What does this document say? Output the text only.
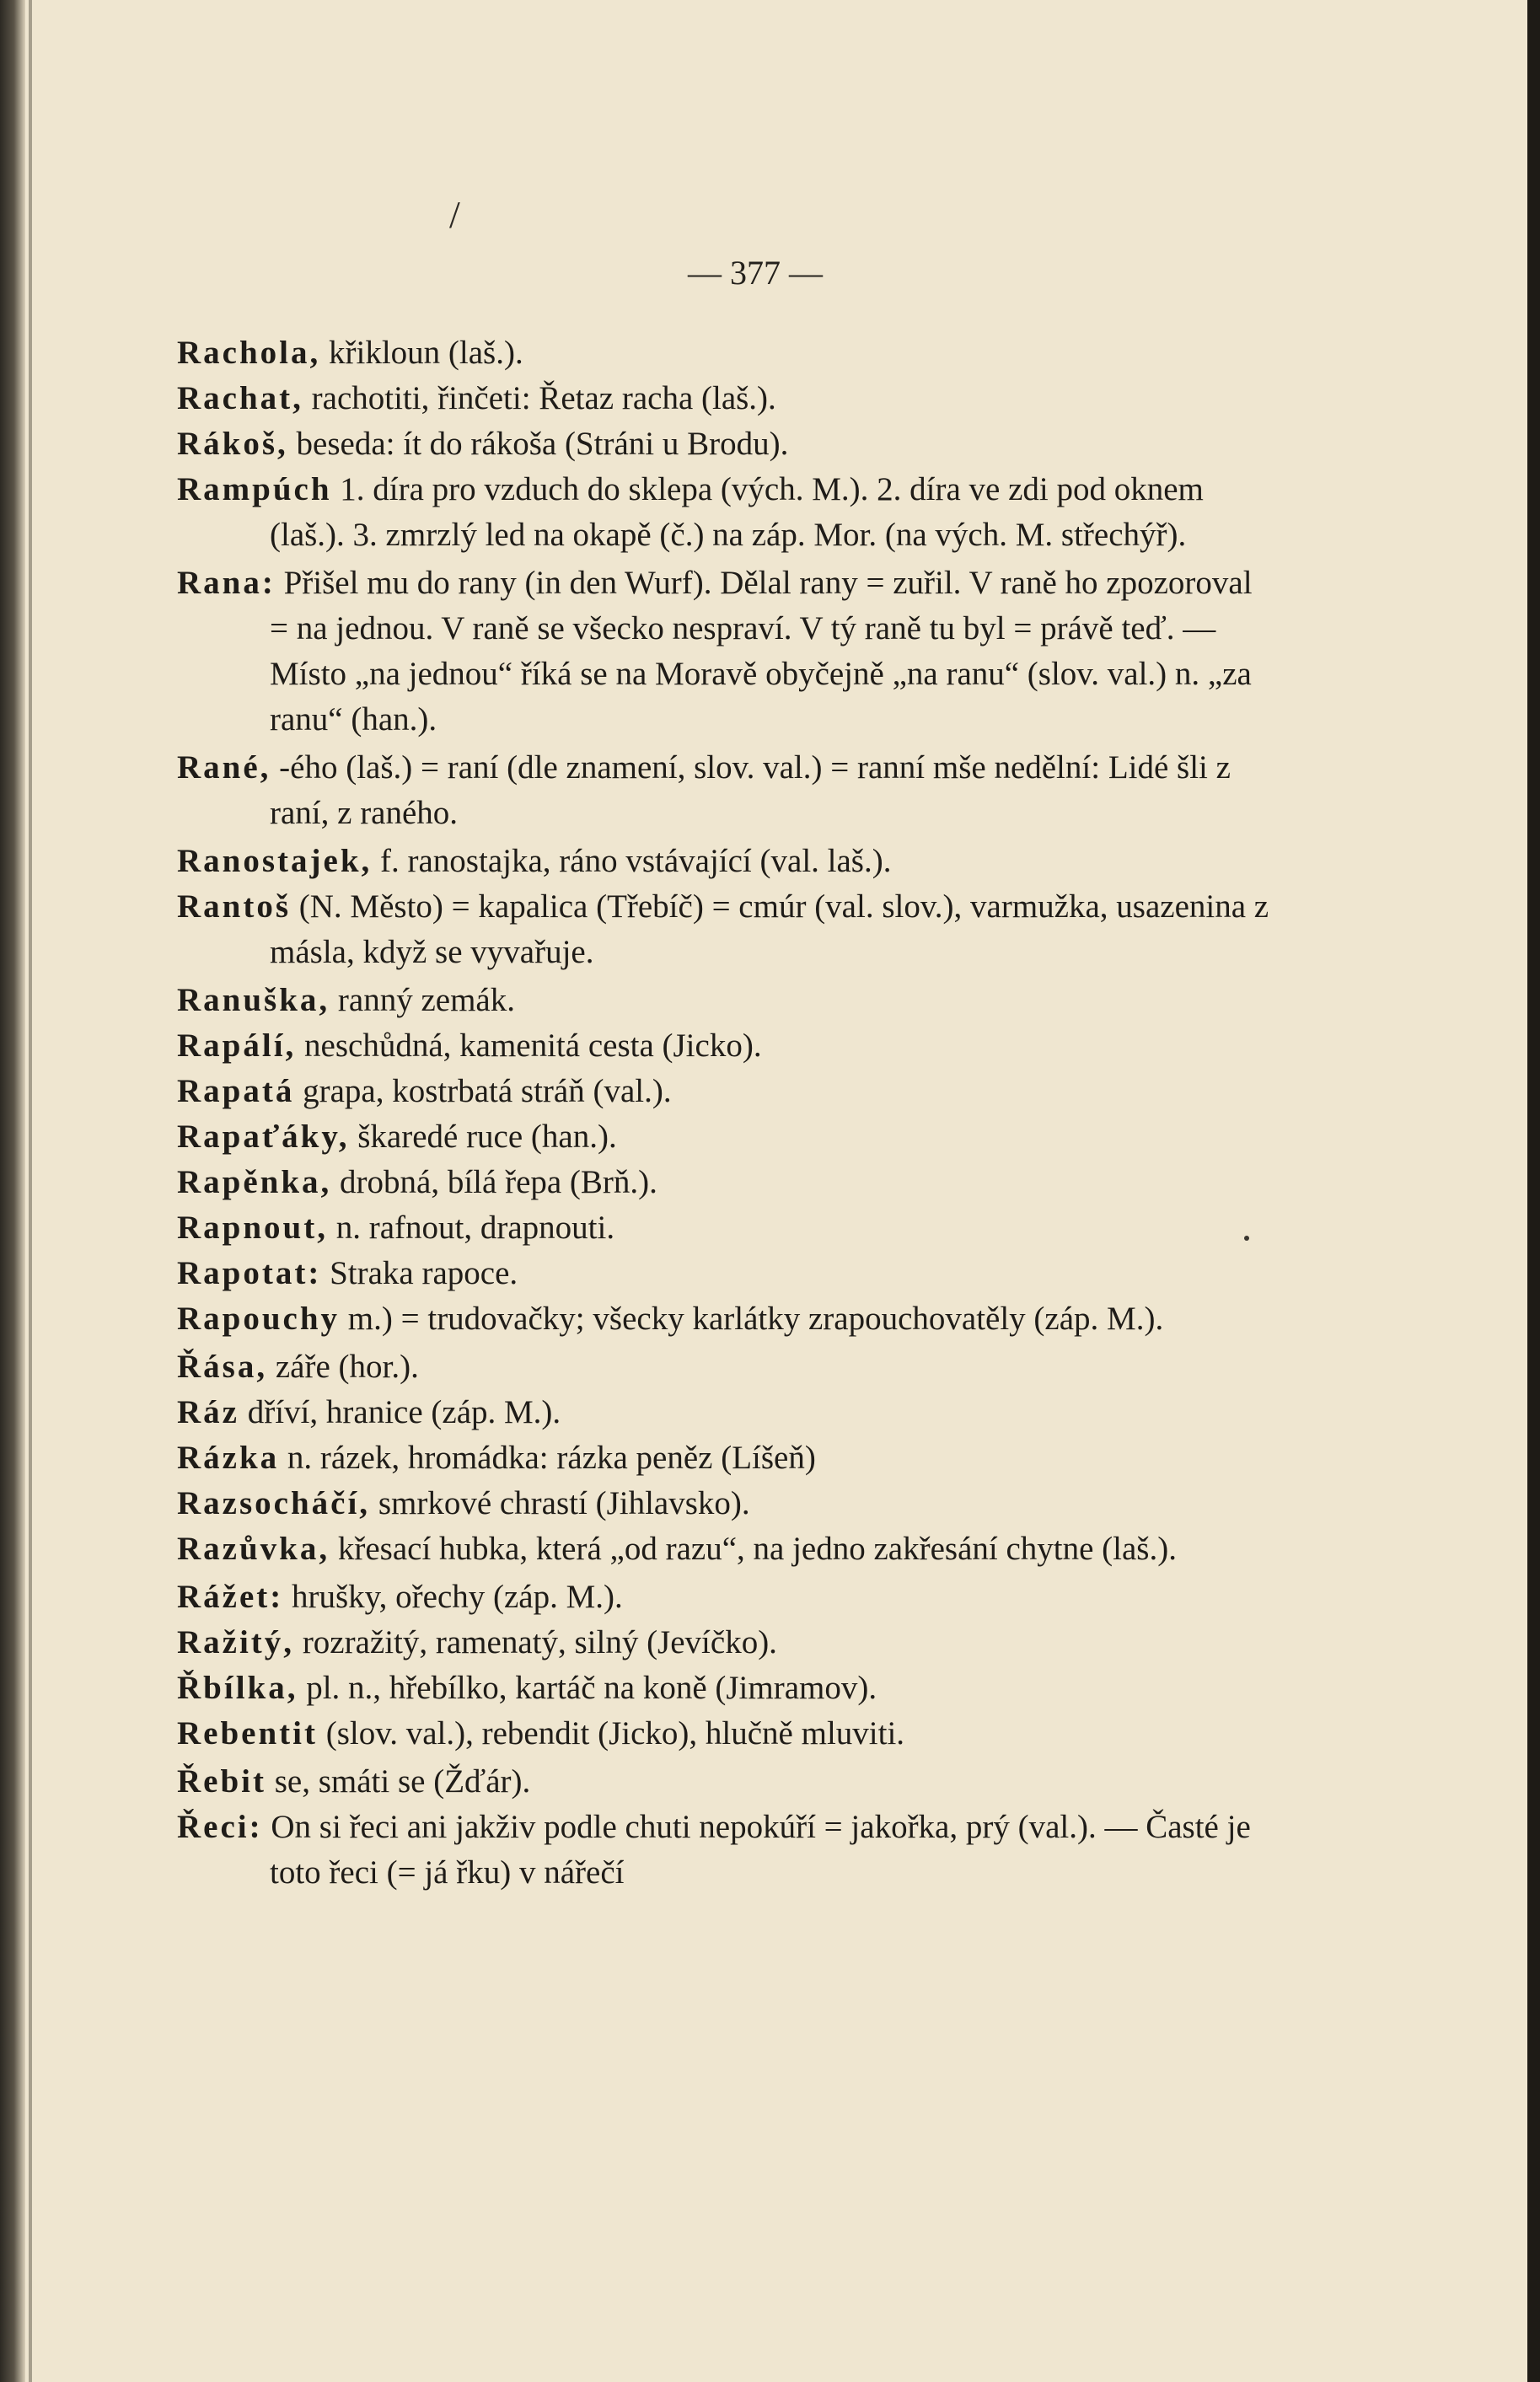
/
— 377 —

Racholа, křikloun (laš.).

Rachat, rachotiti, řinčeti: Řetaz racha (laš.).

Rákoš, beseda: ít do rákoša (Stráni u Brodu).

Rampúch 1. díra pro vzduch do sklepa (vých. M.). 2. díra ve zdi pod oknem (laš.). 3. zmrzlý led na okapě (č.) na záp. Mor. (na vých. M. střechýř).

Rana: Přišel mu do rany (in den Wurf). Dělal rany = zuřil. V raně ho zpozoroval = na jednou. V raně se všecko nespraví. V tý raně tu byl = právě teď. — Místo „na jednou“ říká se na Moravě obyčejně „na ranu“ (slov. val.) n. „za ranu“ (han.).

Rané, -ého (laš.) = raní (dle znamení, slov. val.) = ranní mše nedělní: Lidé šli z raní, z raného.

Ranostajek, f. ranostajka, ráno vstávající (val. laš.).

Rantoš (N. Město) = kapalica (Třebíč) = cmúr (val. slov.), varmužka, usazenina z másla, když se vyvařuje.

Ranuška, ranný zemák.

Rapálí, neschůdná, kamenitá cesta (Jicko).

Rapatá grapa, kostrbatá stráň (val.).

Rapaťáky, škaredé ruce (han.).

Rapěnka, drobná, bílá řepa (Brň.).

Rapnout, n. rafnout, drapnouti.

Rapotat: Straka rapoce.

Rapouchy m.) = trudovačky; všecky karlátky zrapouchovatěly (záp. M.).

Řása, záře (hor.).

Ráz dříví, hranice (záp. M.).

Rázka n. rázek, hromádka: rázka peněz (Líšeň)

Razsocháčí, smrkové chrastí (Jihlavsko).

Razůvka, křesací hubka, která „od razu“, na jedno zakřesání chytne (laš.).

Rážet: hrušky, ořechy (záp. M.).

Ražitý, rozražitý, ramenatý, silný (Jevíčko).

Řbílka, pl. n., hřebílko, kartáč na koně (Jimramov).

Rebentit (slov. val.), rebendit (Jicko), hlučně mluviti.

Řebit se, smáti se (Žďár).

Řeci: On si řeci ani jakživ podle chuti nepokúří = jakořka, prý (val.). — Časté je toto řeci (= já řku) v nářečí
